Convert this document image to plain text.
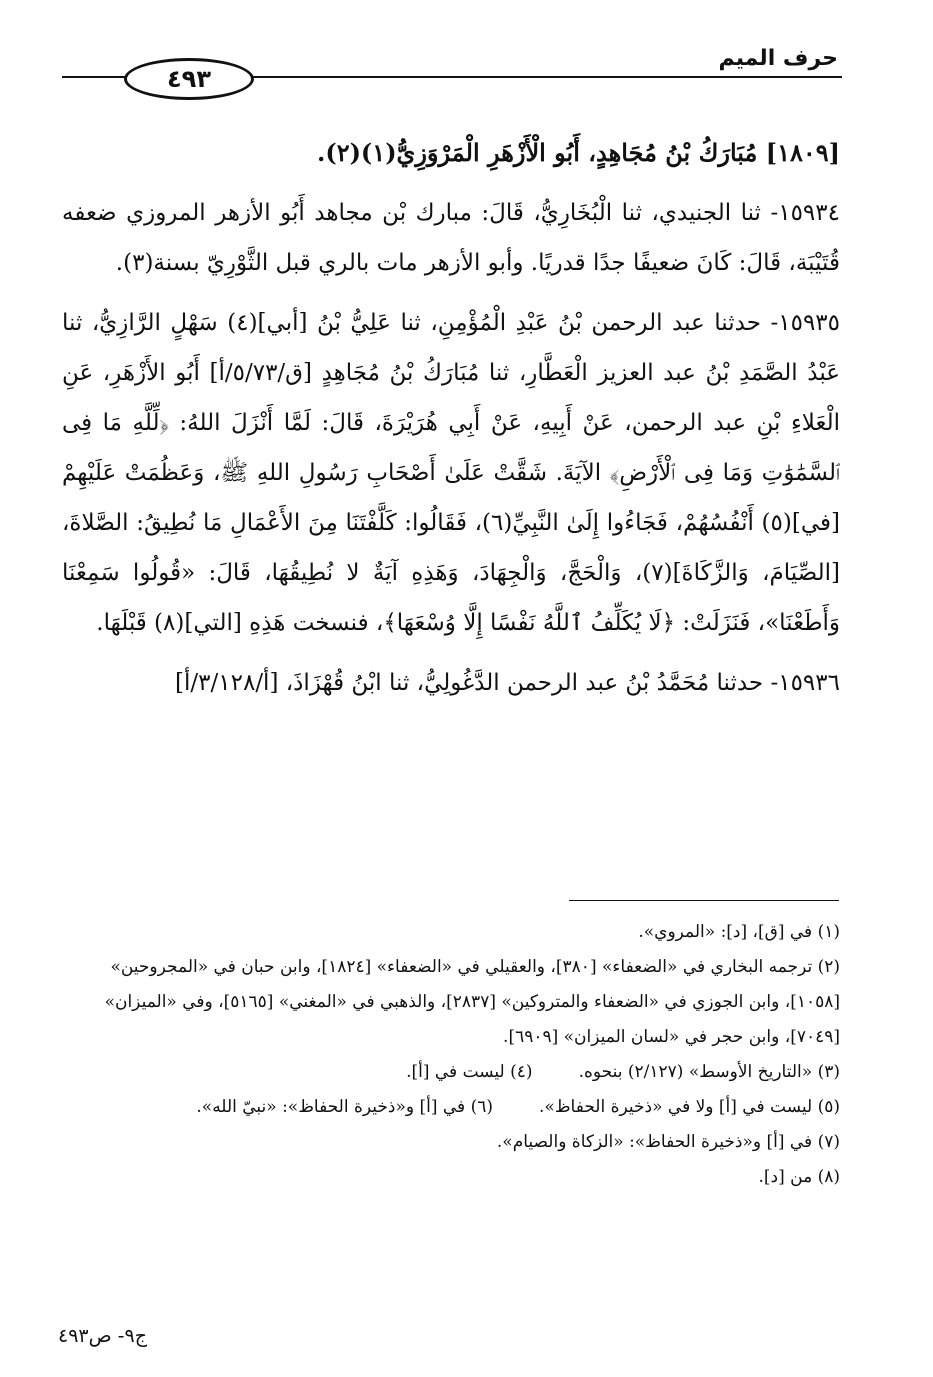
حرف الميم
٤٩٣

[١٨٠٩] مُبَارَكُ بْنُ مُجَاهِدٍ، أَبُو الْأَزْهَرِ الْمَرْوَزِيُّ(١)(٢).

١٥٩٣٤- ثنا الجنيدي، ثنا الْبُخَارِيُّ، قَالَ: مبارك بْن مجاهد أَبُو الأزهر المروزي ضعفه قُتَيْبَة، قَالَ: كَانَ ضعيفًا جدًا قدريًا. وأبو الأزهر مات بالري قبل الثَّوْرِيّ بسنة(٣).

١٥٩٣٥- حدثنا عبد الرحمن بْنُ عَبْدِ الْمُؤْمِنِ، ثنا عَلِيُّ بْنُ [أبي](٤) سَهْلٍ الرَّازِيُّ، ثنا عَبْدُ الصَّمَدِ بْنُ عبد العزيز الْعَطَّارِ، ثنا مُبَارَكُ بْنُ مُجَاهِدٍ [ق/٥/٧٣/أ] أَبُو الأَزْهَرِ، عَنِ الْعَلاءِ بْنِ عبد الرحمن، عَنْ أَبِيهِ، عَنْ أَبِي هُرَيْرَةَ، قَالَ: لَمَّا أَنْزَلَ اللهُ: ﴿لِّلَّهِ مَا فِى ٱلسَّمَٰوَٰتِ وَمَا فِى ٱلْأَرْضِ﴾ الآيَةَ. شَقَّتْ عَلَىٰ أَصْحَابِ رَسُولِ اللهِ ﷺ، وَعَظُمَتْ عَلَيْهِمْ [في](٥) أَنْفُسُهُمْ، فَجَاءُوا إِلَىٰ النَّبِيِّ(٦)، فَقَالُوا: كَلَّفْتَنَا مِنَ الأَعْمَالِ مَا نُطِيقُ: الصَّلاةَ، [الصِّيَامَ، وَالزَّكَاةَ](٧)، وَالْحَجَّ، وَالْجِهَادَ، وَهَذِهِ آيَةٌ لا نُطِيقُهَا، قَالَ: «قُولُوا سَمِعْنَا وَأَطَعْنَا»، فَنَزَلَتْ: ﴿لَا يُكَلِّفُ ٱللَّهُ نَفْسًا إِلَّا وُسْعَهَا﴾، فنسخت هَذِهِ [التي](٨) قَبْلَهَا.

١٥٩٣٦- حدثنا مُحَمَّدُ بْنُ عبد الرحمن الدَّغُولِيُّ، ثنا ابْنُ قُهْزَاذَ، [أ/٣/١٢٨/أ]

(١) في [ق]، [د]: «المروي».

(٢) ترجمه البخاري في «الضعفاء» [٣٨٠]، والعقيلي في «الضعفاء» [١٨٢٤]، وابن حبان في «المجروحين» [١٠٥٨]، وابن الجوزي في «الضعفاء والمتروكين» [٢٨٣٧]، والذهبي في «المغني» [٥١٦٥]، وفي «الميزان» [٧٠٤٩]، وابن حجر في «لسان الميزان» [٦٩٠٩].

(٣) «التاريخ الأوسط» (٢/١٢٧) بنحوه.
(٤) ليست في [أ].
(٥) ليست في [أ] ولا في «ذخيرة الحفاظ».
(٦) في [أ] و«ذخيرة الحفاظ»: «نبيّ الله».

(٧) في [أ] و«ذخيرة الحفاظ»: «الزكاة والصيام».

(٨) من [د].

ج٩- ص٤٩٣
